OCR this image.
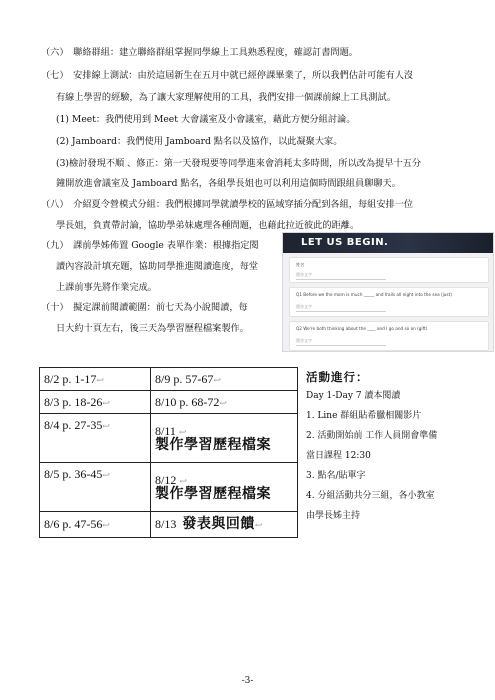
（六）　聯絡群組：建立聯絡群組掌握同學線上工具熟悉程度，確認訂書問題。
（七）　安排線上測試：由於這屆新生在五月中就已經停課畢業了，所以我們估計可能有人沒
有線上學習的經驗，為了讓大家理解使用的工具，我們安排一個課前線上工具測試。
(1) Meet：我們使用到 Meet 大會議室及小會議室，藉此方便分組討論。
(2) Jamboard：我們使用 Jamboard 點名以及協作，以此凝聚大家。
(3)檢討發現不順 、修正：第一天發現要等同學進來會消耗太多時間，所以改為提早十五分
鐘開放進會議室及 Jamboard 點名，各組學長姐也可以利用這個時間跟組員聊聊天。
（八）　介紹夏令營模式分組：我們根據同學就讀學校的區域穿插分配到各組，每組安排一位
學長姐，負責帶討論，協助學弟妹處理各種問題，也藉此拉近彼此的距離。
（九）　課前學姊佈置 Google 表單作業：根據指定閱
讀內容設計填充題，協助同學推進閱讀進度，每堂
上課前事先將作業完成。
（十）　擬定課前閱讀範圍：前七天為小說閱讀，每
日大約十頁左右，後三天為學習歷程檔案製作。
LET US BEGIN.
姓名
簡答文字
Q1 Before we the morn is much _____ and frails all night into the sea (just)
簡答文字
Q2 We're both thinking about the ____ and I go and so on (gift)
簡答文字
8/2 p. 1-17↩	8/9 p. 57-67↩
8/3 p. 18-26↩	8/10 p. 68-72↩
8/4 p. 27-35↩	8/11 ↩
製作學習歷程檔案

8/5 p. 36-45↩	8/12 ↩
製作學習歷程檔案

8/6 p. 47-56↩	8/13 發表與回饋↩
活動進行：
Day 1-Day 7 讀本閱讀
1. Line 群組貼希臘相關影片
2. 活動開始前 工作人員開會準備
當日課程 12:30
3. 點名/貼單字
4. 分組活動共分三組，各小教室
由學長姊主持
-3-
